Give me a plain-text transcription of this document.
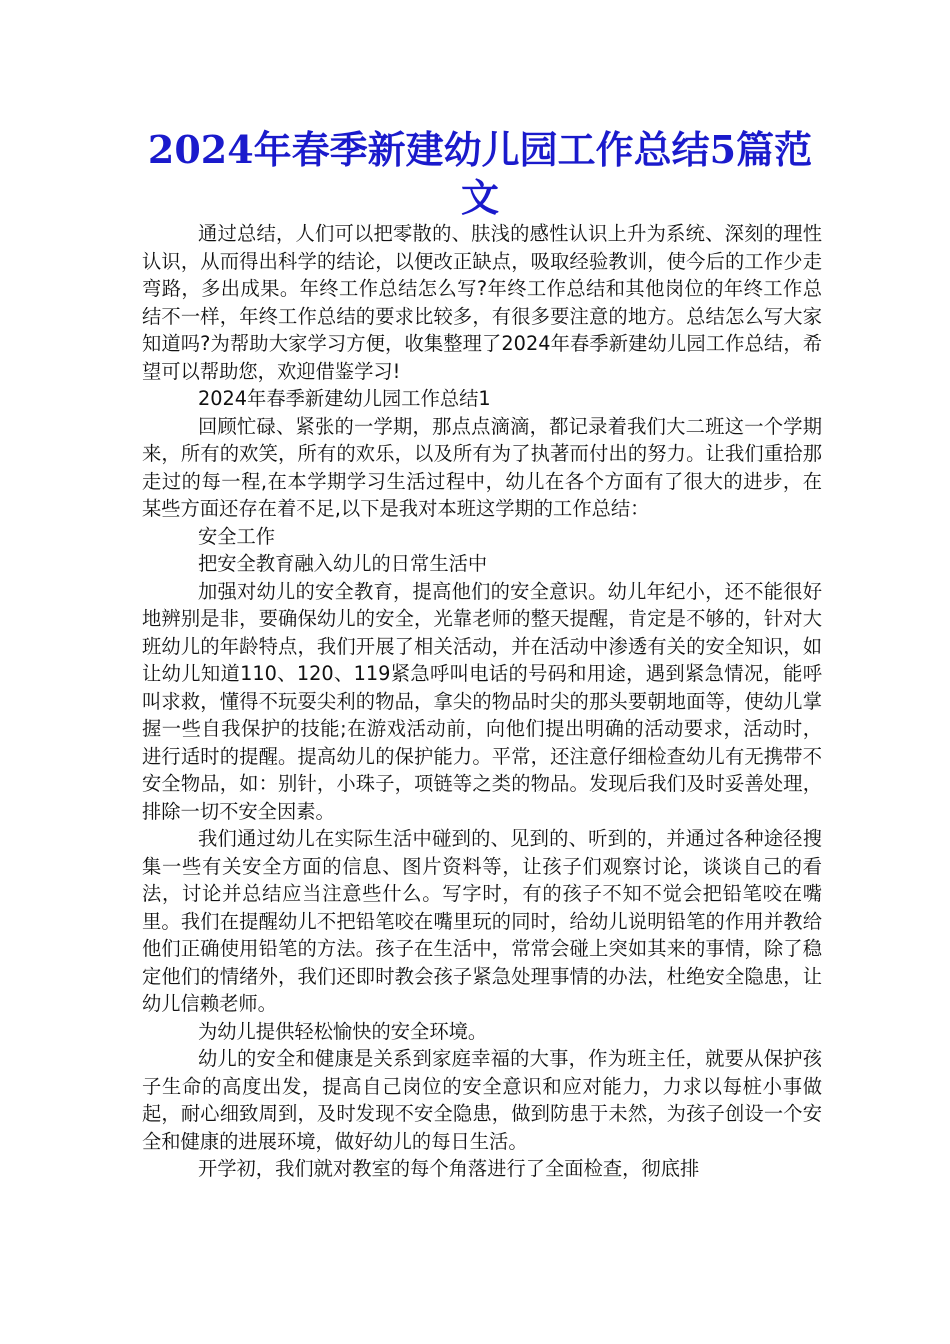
2024年春季新建幼儿园工作总结5篇范文

通过总结，人们可以把零散的、肤浅的感性认识上升为系统、深刻的理性认识，从而得出科学的结论，以便改正缺点，吸取经验教训，使今后的工作少走弯路，多出成果。年终工作总结怎么写?年终工作总结和其他岗位的年终工作总结不一样，年终工作总结的要求比较多，有很多要注意的地方。总结怎么写大家知道吗?为帮助大家学习方便，收集整理了2024年春季新建幼儿园工作总结，希望可以帮助您，欢迎借鉴学习!

2024年春季新建幼儿园工作总结1

回顾忙碌、紧张的一学期，那点点滴滴，都记录着我们大二班这一个学期来，所有的欢笑，所有的欢乐，以及所有为了执著而付出的努力。让我们重拾那走过的每一程,在本学期学习生活过程中，幼儿在各个方面有了很大的进步，在某些方面还存在着不足,以下是我对本班这学期的工作总结：

安全工作

把安全教育融入幼儿的日常生活中

加强对幼儿的安全教育，提高他们的安全意识。幼儿年纪小，还不能很好地辨别是非，要确保幼儿的安全，光靠老师的整天提醒，肯定是不够的，针对大班幼儿的年龄特点，我们开展了相关活动，并在活动中渗透有关的安全知识，如让幼儿知道110、120、119紧急呼叫电话的号码和用途，遇到紧急情况，能呼叫求救，懂得不玩耍尖利的物品，拿尖的物品时尖的那头要朝地面等，使幼儿掌握一些自我保护的技能;在游戏活动前，向他们提出明确的活动要求，活动时，进行适时的提醒。提高幼儿的保护能力。平常，还注意仔细检查幼儿有无携带不安全物品，如：别针，小珠子，项链等之类的物品。发现后我们及时妥善处理，排除一切不安全因素。

我们通过幼儿在实际生活中碰到的、见到的、听到的，并通过各种途径搜集一些有关安全方面的信息、图片资料等，让孩子们观察讨论，谈谈自己的看法，讨论并总结应当注意些什么。写字时，有的孩子不知不觉会把铅笔咬在嘴里。我们在提醒幼儿不把铅笔咬在嘴里玩的同时，给幼儿说明铅笔的作用并教给他们正确使用铅笔的方法。孩子在生活中，常常会碰上突如其来的事情，除了稳定他们的情绪外，我们还即时教会孩子紧急处理事情的办法，杜绝安全隐患，让幼儿信赖老师。

为幼儿提供轻松愉快的安全环境。

幼儿的安全和健康是关系到家庭幸福的大事，作为班主任，就要从保护孩子生命的高度出发，提高自己岗位的安全意识和应对能力，力求以每桩小事做起，耐心细致周到，及时发现不安全隐患，做到防患于未然，为孩子创设一个安全和健康的进展环境，做好幼儿的每日生活。

开学初，我们就对教室的每个角落进行了全面检查，彻底排
